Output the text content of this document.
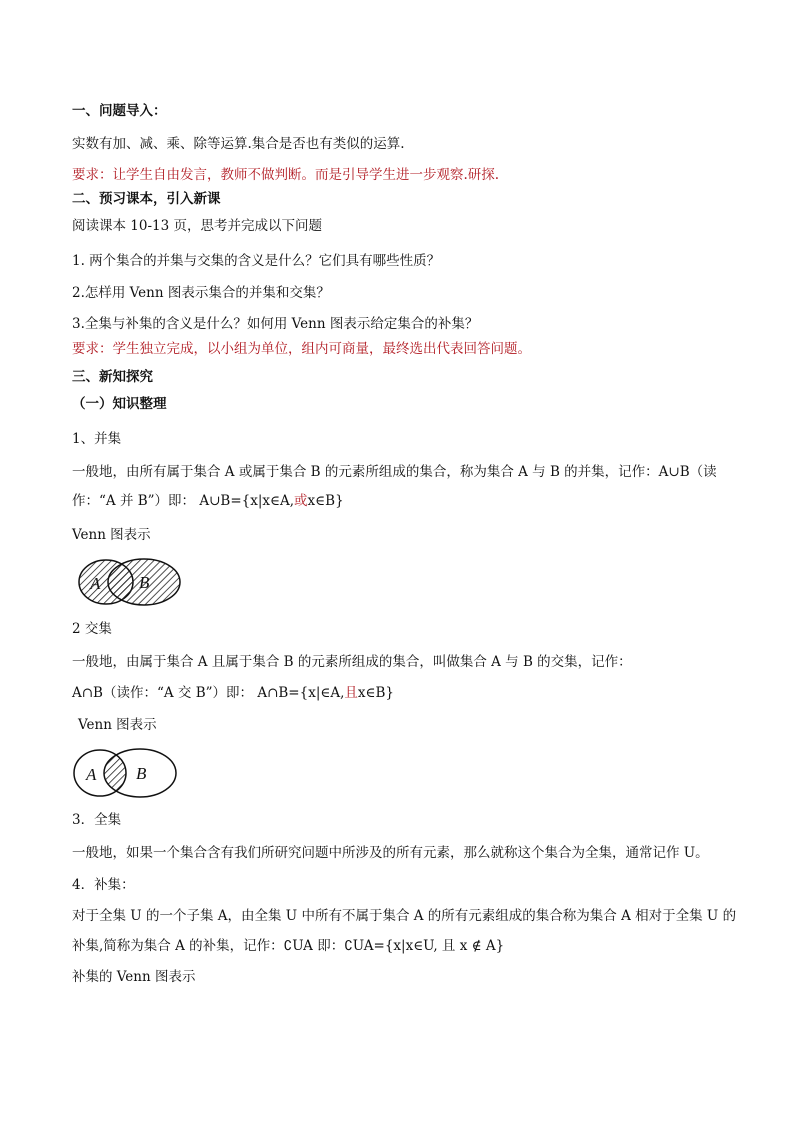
一、问题导入：
实数有加、减、乘、除等运算.集合是否也有类似的运算.
要求：让学生自由发言，教师不做判断。而是引导学生进一步观察.研探.
二、预习课本，引入新课
阅读课本 10-13 页，思考并完成以下问题
1. 两个集合的并集与交集的含义是什么？它们具有哪些性质？
2.怎样用 Venn 图表示集合的并集和交集？
3.全集与补集的含义是什么？如何用 Venn 图表示给定集合的补集？
要求：学生独立完成，以小组为单位，组内可商量，最终选出代表回答问题。
三、新知探究
（一）知识整理
1、并集
一般地，由所有属于集合 A 或属于集合 B 的元素所组成的集合，称为集合 A 与 B 的并集，记作：A∪B（读
作：“A 并 B”）即： A∪B={x|x∈A,或x∈B}
Venn 图表示
A B
2 交集
一般地，由属于集合 A 且属于集合 B 的元素所组成的集合，叫做集合 A 与 B 的交集，记作：
A∩B（读作：“A 交 B”）即： A∩B={x|∈A,且x∈B}
Venn 图表示
A B
3．全集
一般地，如果一个集合含有我们所研究问题中所涉及的所有元素，那么就称这个集合为全集，通常记作 U。
4．补集：
对于全集 U 的一个子集 A，由全集 U 中所有不属于集合 A 的所有元素组成的集合称为集合 A 相对于全集 U 的
补集,简称为集合 A 的补集，记作：∁UA 即：∁UA={x|x∈U, 且 x ∉ A}
补集的 Venn 图表示
